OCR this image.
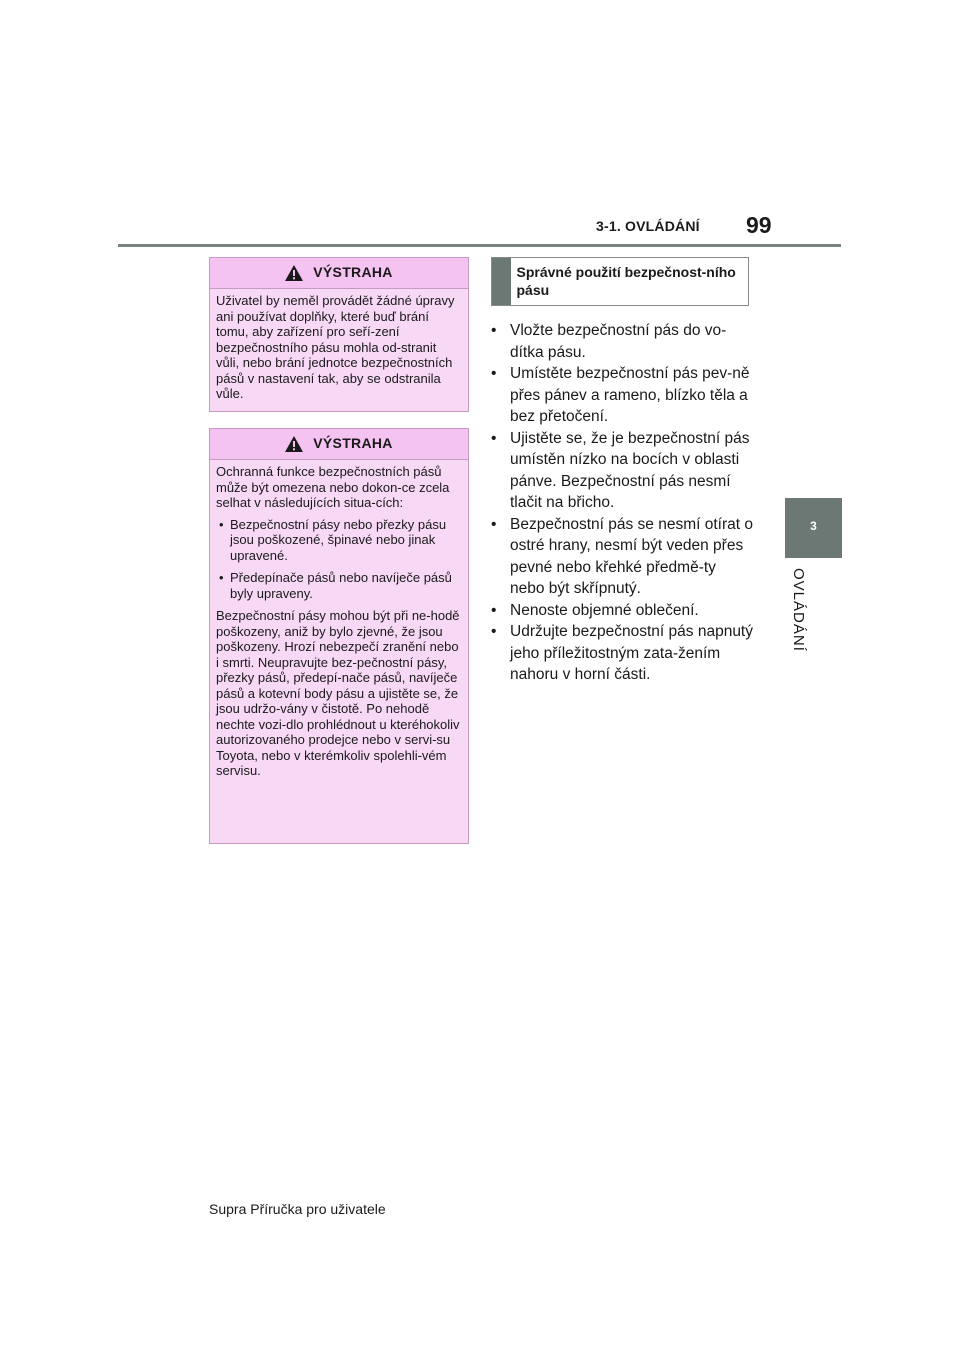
3-1. OVLÁDÁNÍ 99
3
OVLÁDÁNÍ
VÝSTRAHA

Uživatel by neměl provádět žádné úpravy ani používat doplňky, které buď brání tomu, aby zařízení pro seří-zení bezpečnostního pásu mohla od-stranit vůli, nebo brání jednotce bezpečnostních pásů v nastavení tak, aby se odstranila vůle.

VÝSTRAHA

Ochranná funkce bezpečnostních pásů může být omezena nebo dokon-ce zcela selhat v následujících situa-cích:

• Bezpečnostní pásy nebo přezky pásu jsou poškozené, špinavé nebo jinak upravené.
• Předepínače pásů nebo navíječe pásů byly upraveny.

Bezpečnostní pásy mohou být při ne-hodě poškozeny, aniž by bylo zjevné, že jsou poškozeny. Hrozí nebezpečí zranění nebo i smrti. Neupravujte bez-pečnostní pásy, přezky pásů, předepí-nače pásů, navíječe pásů a kotevní body pásu a ujistěte se, že jsou udržo-vány v čistotě. Po nehodě nechte vozi-dlo prohlédnout u kteréhokoliv autorizovaného prodejce nebo v servi-su Toyota, nebo v kterémkoliv spolehli-vém servisu.

Správné použití bezpečnost-ního pásu
• Vložte bezpečnostní pás do vo-dítka pásu.
• Umístěte bezpečnostní pás pev-ně přes pánev a rameno, blízko těla a bez přetočení.
• Ujistěte se, že je bezpečnostní pás umístěn nízko na bocích v oblasti pánve. Bezpečnostní pás nesmí tlačit na břicho.
• Bezpečnostní pás se nesmí otírat o ostré hrany, nesmí být veden přes pevné nebo křehké předmě-ty nebo být skřípnutý.
• Nenoste objemné oblečení.
• Udržujte bezpečnostní pás napnutý jeho příležitostným zata-žením nahoru v horní části.
Supra Příručka pro uživatele
